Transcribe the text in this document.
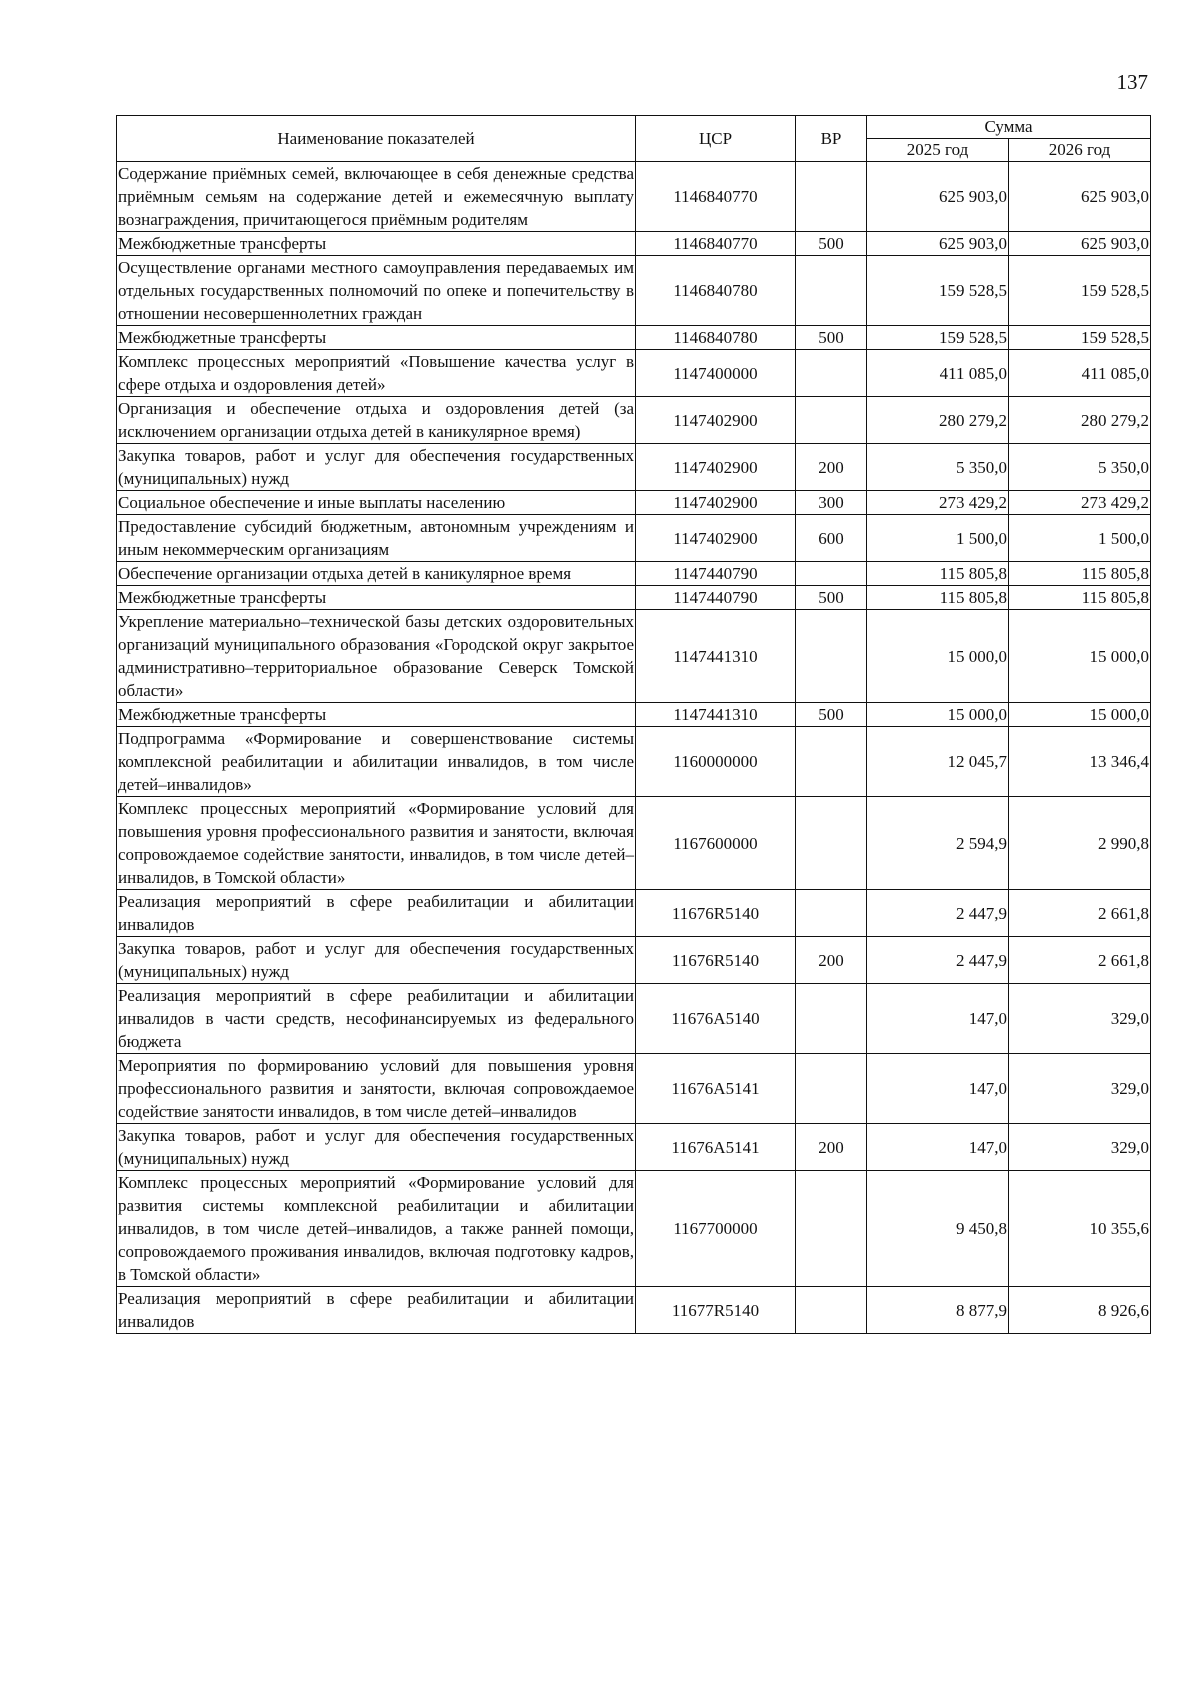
137
Наименование показателей	ЦСР	ВР	Сумма	
			2025 год	2026 год
Содержание приёмных семей, включающее в себя денежные средства приёмным семьям на содержание детей и ежемесячную выплату вознаграждения, причитающегося приёмным родителям	1146840770		625 903,0	625 903,0
Межбюджетные трансферты	1146840770	500	625 903,0	625 903,0
Осуществление органами местного самоуправления передаваемых им отдельных государственных полномочий по опеке и попечительству в отношении несовершеннолетних граждан	1146840780		159 528,5	159 528,5
Межбюджетные трансферты	1146840780	500	159 528,5	159 528,5
Комплекс процессных мероприятий «Повышение качества услуг в сфере отдыха и оздоровления детей»	1147400000		411 085,0	411 085,0
Организация и обеспечение отдыха и оздоровления детей (за исключением организации отдыха детей в каникулярное время)	1147402900		280 279,2	280 279,2
Закупка товаров, работ и услуг для обеспечения государственных (муниципальных) нужд	1147402900	200	5 350,0	5 350,0
Социальное обеспечение и иные выплаты населению	1147402900	300	273 429,2	273 429,2
Предоставление субсидий бюджетным, автономным учреждениям и иным некоммерческим организациям	1147402900	600	1 500,0	1 500,0
Обеспечение организации отдыха детей в каникулярное время	1147440790		115 805,8	115 805,8
Межбюджетные трансферты	1147440790	500	115 805,8	115 805,8
Укрепление материально–технической базы детских оздоровительных организаций муниципального образования «Городской округ закрытое административно–территориальное образование Северск Томской области»	1147441310		15 000,0	15 000,0
Межбюджетные трансферты	1147441310	500	15 000,0	15 000,0
Подпрограмма «Формирование и совершенствование системы комплексной реабилитации и абилитации инвалидов, в том числе детей–инвалидов»	1160000000		12 045,7	13 346,4
Комплекс процессных мероприятий «Формирование условий для повышения уровня профессионального развития и занятости, включая сопровождаемое содействие занятости, инвалидов, в том числе детей–инвалидов, в Томской области»	1167600000		2 594,9	2 990,8
Реализация мероприятий в сфере реабилитации и абилитации инвалидов	11676R5140		2 447,9	2 661,8
Закупка товаров, работ и услуг для обеспечения государственных (муниципальных) нужд	11676R5140	200	2 447,9	2 661,8
Реализация мероприятий в сфере реабилитации и абилитации инвалидов в части средств, несофинансируемых из федерального бюджета	11676A5140		147,0	329,0
Мероприятия по формированию условий для повышения уровня профессионального развития и занятости, включая сопровождаемое содействие занятости инвалидов, в том числе детей–инвалидов	11676A5141		147,0	329,0
Закупка товаров, работ и услуг для обеспечения государственных (муниципальных) нужд	11676A5141	200	147,0	329,0
Комплекс процессных мероприятий «Формирование условий для развития системы комплексной реабилитации и абилитации инвалидов, в том числе детей–инвалидов, а также ранней помощи, сопровождаемого проживания инвалидов, включая подготовку кадров, в Томской области»	1167700000		9 450,8	10 355,6
Реализация мероприятий в сфере реабилитации и абилитации инвалидов	11677R5140		8 877,9	8 926,6
